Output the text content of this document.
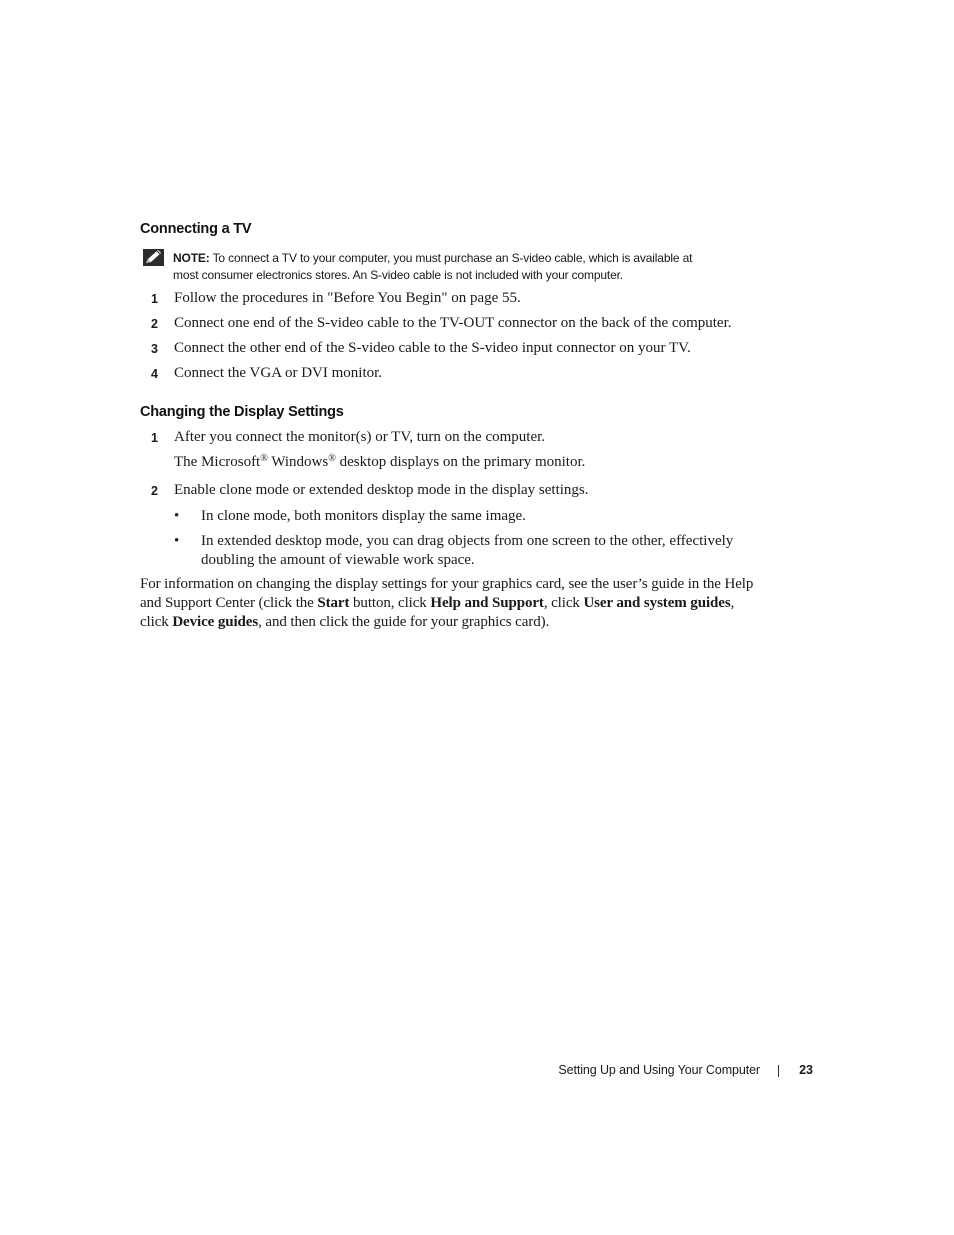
Connecting a TV
NOTE: To connect a TV to your computer, you must purchase an S-video cable, which is available at
most consumer electronics stores. An S-video cable is not included with your computer.
1 Follow the procedures in "Before You Begin" on page 55.
2 Connect one end of the S-video cable to the TV-OUT connector on the back of the computer.
3 Connect the other end of the S-video cable to the S-video input connector on your TV.
4 Connect the VGA or DVI monitor.
Changing the Display Settings
1 After you connect the monitor(s) or TV, turn on the computer.
The Microsoft® Windows® desktop displays on the primary monitor.
2 Enable clone mode or extended desktop mode in the display settings.
• In clone mode, both monitors display the same image.
• In extended desktop mode, you can drag objects from one screen to the other, effectively doubling the amount of viewable work space.
For information on changing the display settings for your graphics card, see the user’s guide in the Help and Support Center (click the Start button, click Help and Support, click User and system guides, click Device guides, and then click the guide for your graphics card).
Setting Up and Using Your Computer	23
